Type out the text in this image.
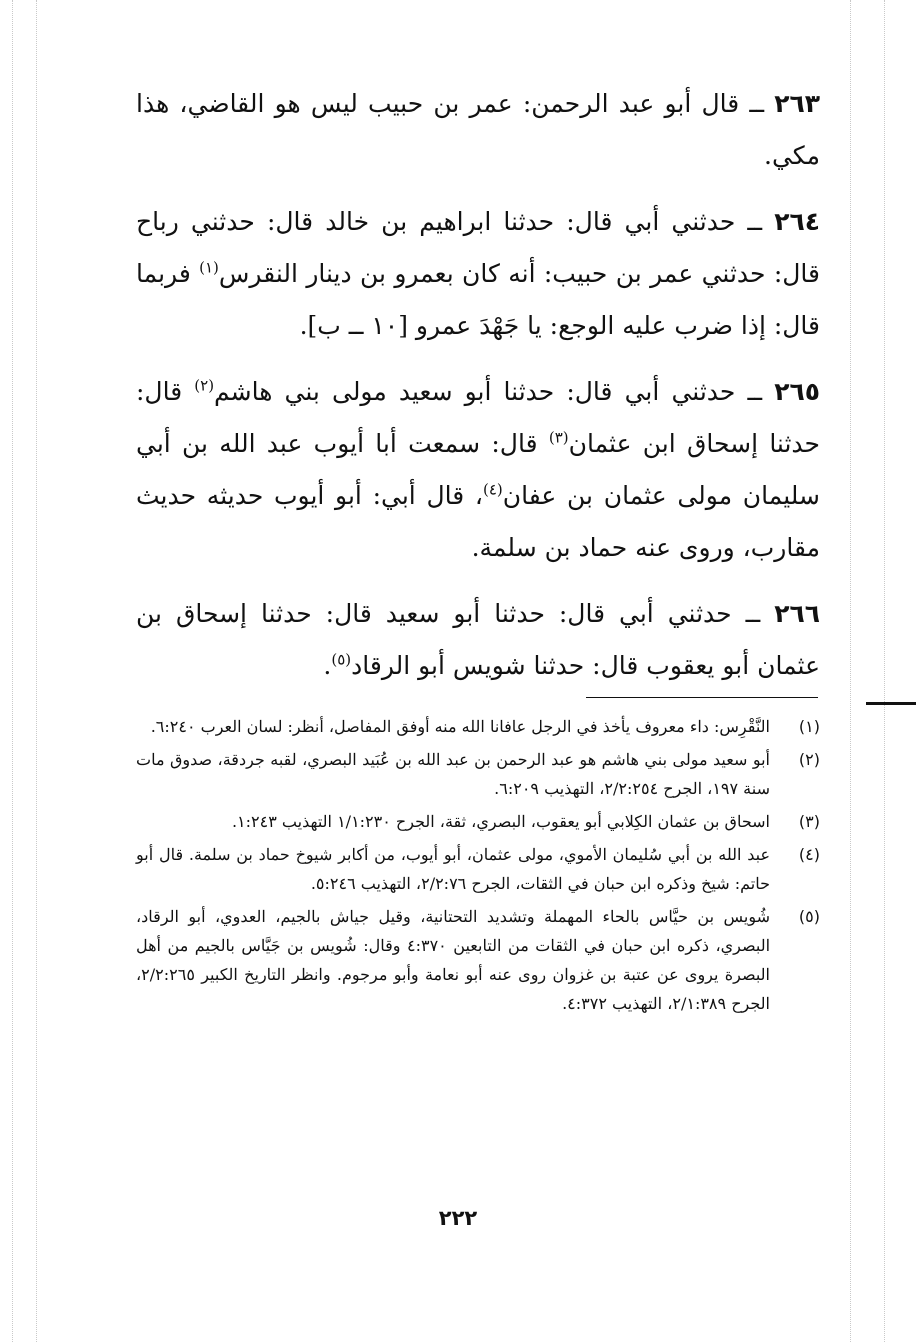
٢٦٣ ــ قال أبو عبد الرحمن: عمر بن حبيب ليس هو القاضي، هذا مكي.

٢٦٤ ــ حدثني أبي قال: حدثنا ابراهيم بن خالد قال: حدثني رباح قال: حدثني عمر بن حبيب: أنه كان بعمرو بن دينار النقرس$^{(١)}$ فربما قال: إذا ضرب عليه الوجع: يا جَهْدَ عمرو [١٠ ــ ب].

٢٦٥ ــ حدثني أبي قال: حدثنا أبو سعيد مولى بني هاشم$^{(٢)}$ قال: حدثنا إسحاق ابن عثمان$^{(٣)}$ قال: سمعت أبا أيوب عبد الله بن أبي سليمان مولى عثمان بن عفان$^{(٤)}$، قال أبي: أبو أيوب حديثه حديث مقارب، وروى عنه حماد بن سلمة.

٢٦٦ ــ حدثني أبي قال: حدثنا أبو سعيد قال: حدثنا إسحاق بن عثمان أبو يعقوب قال: حدثنا شويس أبو الرقاد$^{(٥)}$.

(١)
النَّقْرِس: داء معروف يأخذ في الرجل عافانا الله منه أوفق المفاصل، أنظر: لسان العرب ٦:٢٤٠.
(٢)
أبو سعيد مولى بني هاشم هو عبد الرحمن بن عبد الله بن عُبَيد البصري، لقبه جردقة، صدوق مات سنة ١٩٧، الجرح ٢/٢:٢٥٤، التهذيب ٦:٢٠٩.
(٣)
اسحاق بن عثمان الكِلابي أبو يعقوب، البصري، ثقة، الجرح ١/١:٢٣٠ التهذيب ١:٢٤٣.
(٤)
عبد الله بن أبي سُليمان الأموي، مولى عثمان، أبو أيوب، من أكابر شيوخ حماد بن سلمة. قال أبو حاتم: شيخ وذكره ابن حبان في الثقات، الجرح ٢/٢:٧٦، التهذيب ٥:٢٤٦.
(٥)
شُويس بن حيَّاس بالحاء المهملة وتشديد التحتانية، وقيل جياش بالجيم، العدوي، أبو الرقاد، البصري، ذكره ابن حبان في الثقات من التابعين ٤:٣٧٠ وقال: شُويس بن جَيَّاس بالجيم من أهل البصرة يروى عن عتبة بن غزوان روى عنه أبو نعامة وأبو مرجوم. وانظر التاريخ الكبير ٢/٢:٢٦٥، الجرح ٢/١:٣٨٩، التهذيب ٤:٣٧٢.
٢٢٢
